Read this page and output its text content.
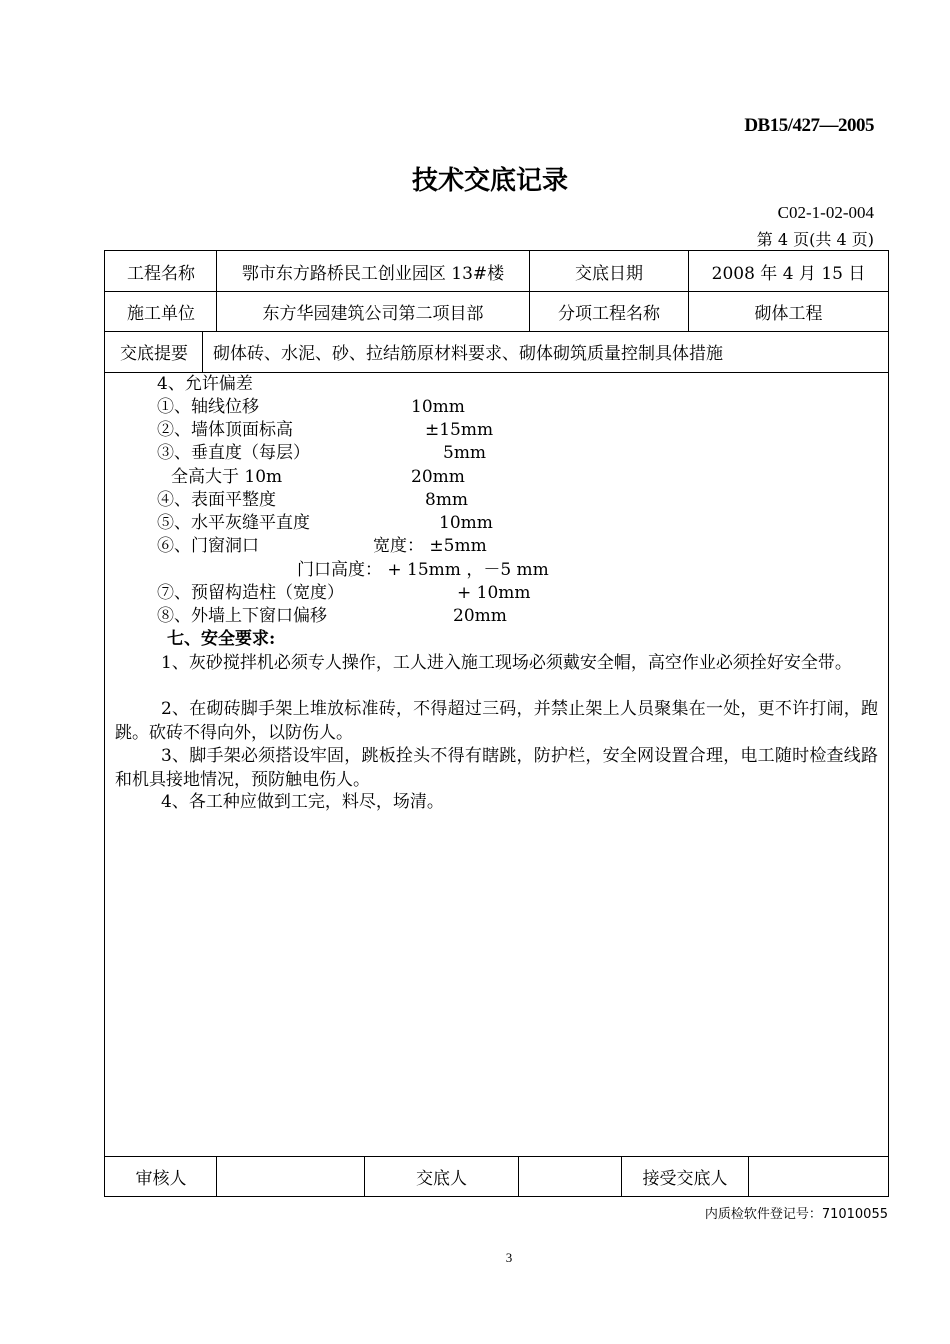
DB15/427—2005
技术交底记录
C02-1-02-004
第 4 页(共 4 页)
工程名称	鄂市东方路桥民工创业园区 13#楼	交底日期	2008 年 4 月 15 日
施工单位	东方华园建筑公司第二项目部	分项工程名称	砌体工程
交底提要	砌体砖、水泥、砂、拉结筋原材料要求、砌体砌筑质量控制具体措施
4、允许偏差
①、轴线位移	10mm
②、墙体顶面标高	±15mm
③、垂直度（每层）	5mm
全高大于 10m	20mm
④、表面平整度	8mm
⑤、水平灰缝平直度	10mm
⑥、门窗洞口	宽度： ±5mm
门口高度： + 15mm ，－5 mm
⑦、预留构造柱（宽度）	+ 10mm
⑧、外墙上下窗口偏移	20mm
七、安全要求:
1、灰砂搅拌机必须专人操作，工人进入施工现场必须戴安全帽，高空作业必须拴好安全带。
2、在砌砖脚手架上堆放标准砖，不得超过三码，并禁止架上人员聚集在一处，更不许打闹，跑跳。砍砖不得向外，以防伤人。
3、脚手架必须搭设牢固，跳板拴头不得有瞎跳，防护栏，安全网设置合理，电工随时检查线路和机具接地情况，预防触电伤人。
4、各工种应做到工完，料尽，场清。
审核人	交底人	接受交底人
内质检软件登记号：71010055
3
